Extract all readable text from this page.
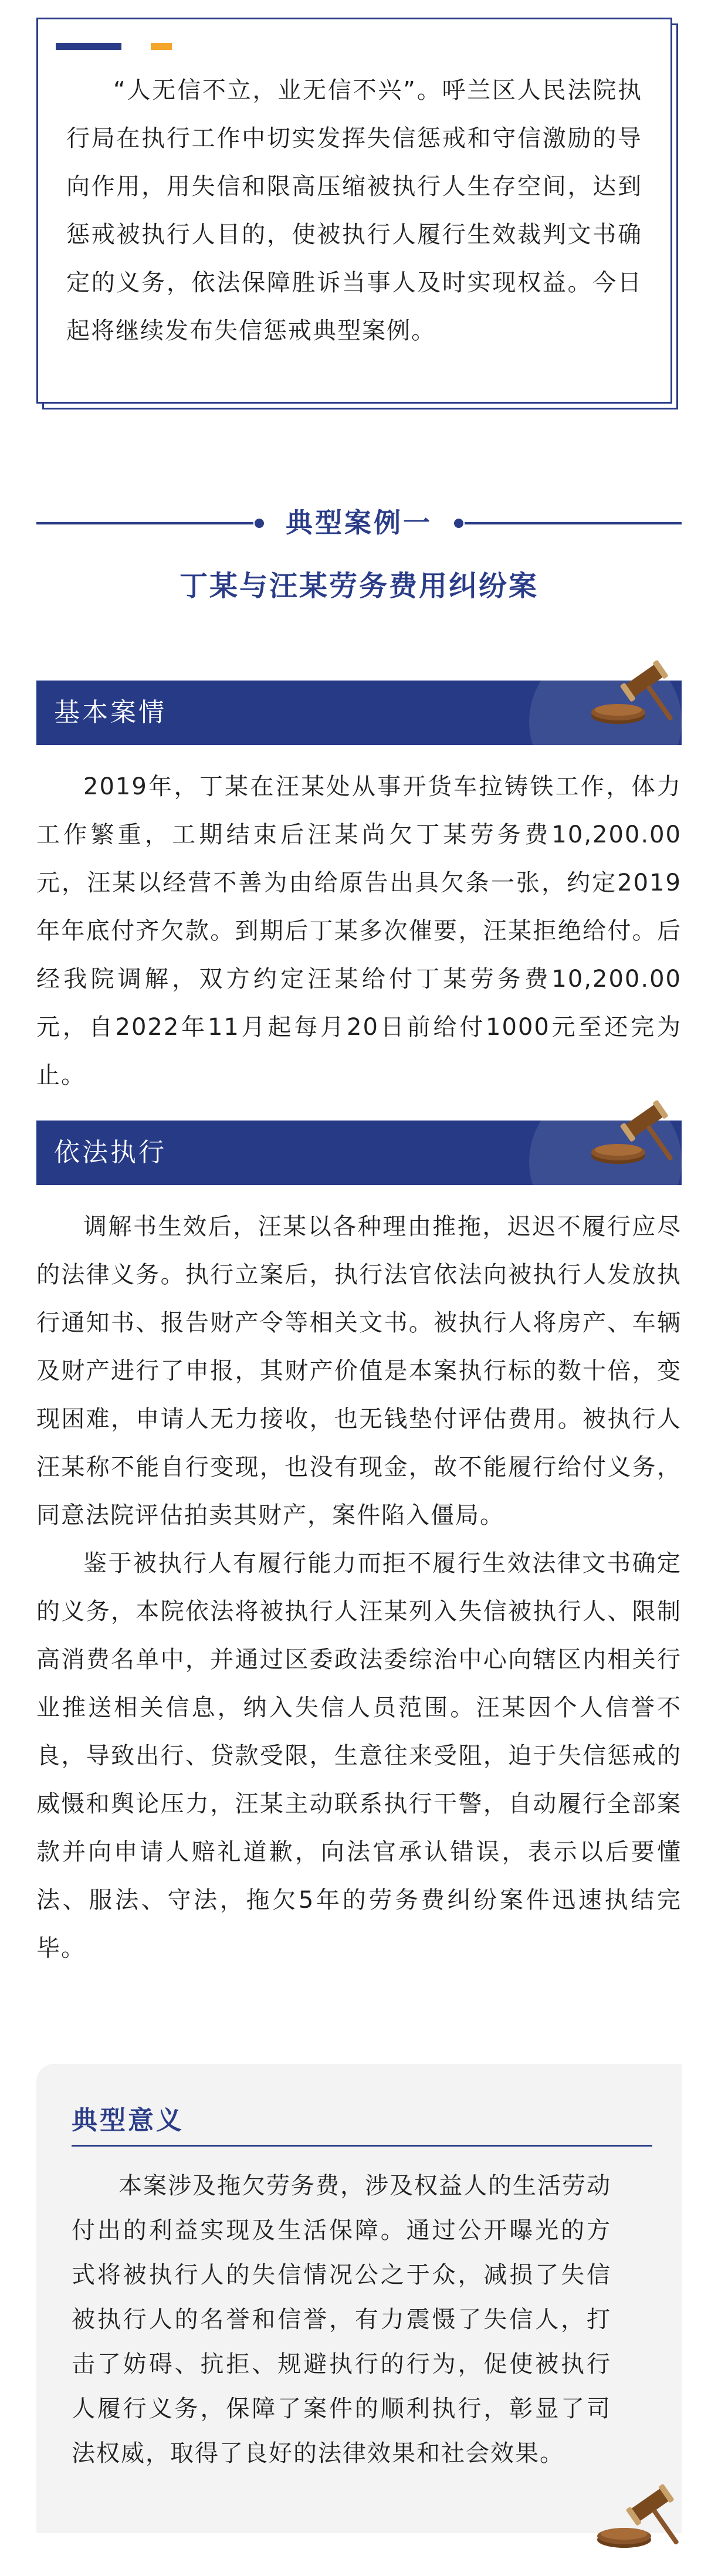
“人无信不立，业无信不兴”。呼兰区人民法院执行局在执行工作中切实发挥失信惩戒和守信激励的导向作用，用失信和限高压缩被执行人生存空间，达到惩戒被执行人目的，使被执行人履行生效裁判文书确定的义务，依法保障胜诉当事人及时实现权益。今日起将继续发布失信惩戒典型案例。

典型案例一
丁某与汪某劳务费用纠纷案
基本案情

2019年，丁某在汪某处从事开货车拉铸铁工作，体力工作繁重，工期结束后汪某尚欠丁某劳务费10,200.00元，汪某以经营不善为由给原告出具欠条一张，约定2019年年底付齐欠款。到期后丁某多次催要，汪某拒绝给付。后经我院调解，双方约定汪某给付丁某劳务费10,200.00元，自2022年11月起每月20日前给付1000元至还完为止。

依法执行

调解书生效后，汪某以各种理由推拖，迟迟不履行应尽的法律义务。执行立案后，执行法官依法向被执行人发放执行通知书、报告财产令等相关文书。被执行人将房产、车辆及财产进行了申报，其财产价值是本案执行标的数十倍，变现困难，申请人无力接收，也无钱垫付评估费用。被执行人汪某称不能自行变现，也没有现金，故不能履行给付义务，同意法院评估拍卖其财产，案件陷入僵局。

鉴于被执行人有履行能力而拒不履行生效法律文书确定的义务，本院依法将被执行人汪某列入失信被执行人、限制高消费名单中，并通过区委政法委综治中心向辖区内相关行业推送相关信息，纳入失信人员范围。汪某因个人信誉不良，导致出行、贷款受限，生意往来受阻，迫于失信惩戒的威慑和舆论压力，汪某主动联系执行干警，自动履行全部案款并向申请人赔礼道歉，向法官承认错误，表示以后要懂法、服法、守法，拖欠5年的劳务费纠纷案件迅速执结完毕。

典型意义

本案涉及拖欠劳务费，涉及权益人的生活劳动付出的利益实现及生活保障。通过公开曝光的方式将被执行人的失信情况公之于众，减损了失信被执行人的名誉和信誉，有力震慑了失信人，打击了妨碍、抗拒、规避执行的行为，促使被执行人履行义务，保障了案件的顺利执行，彰显了司法权威，取得了良好的法律效果和社会效果。
